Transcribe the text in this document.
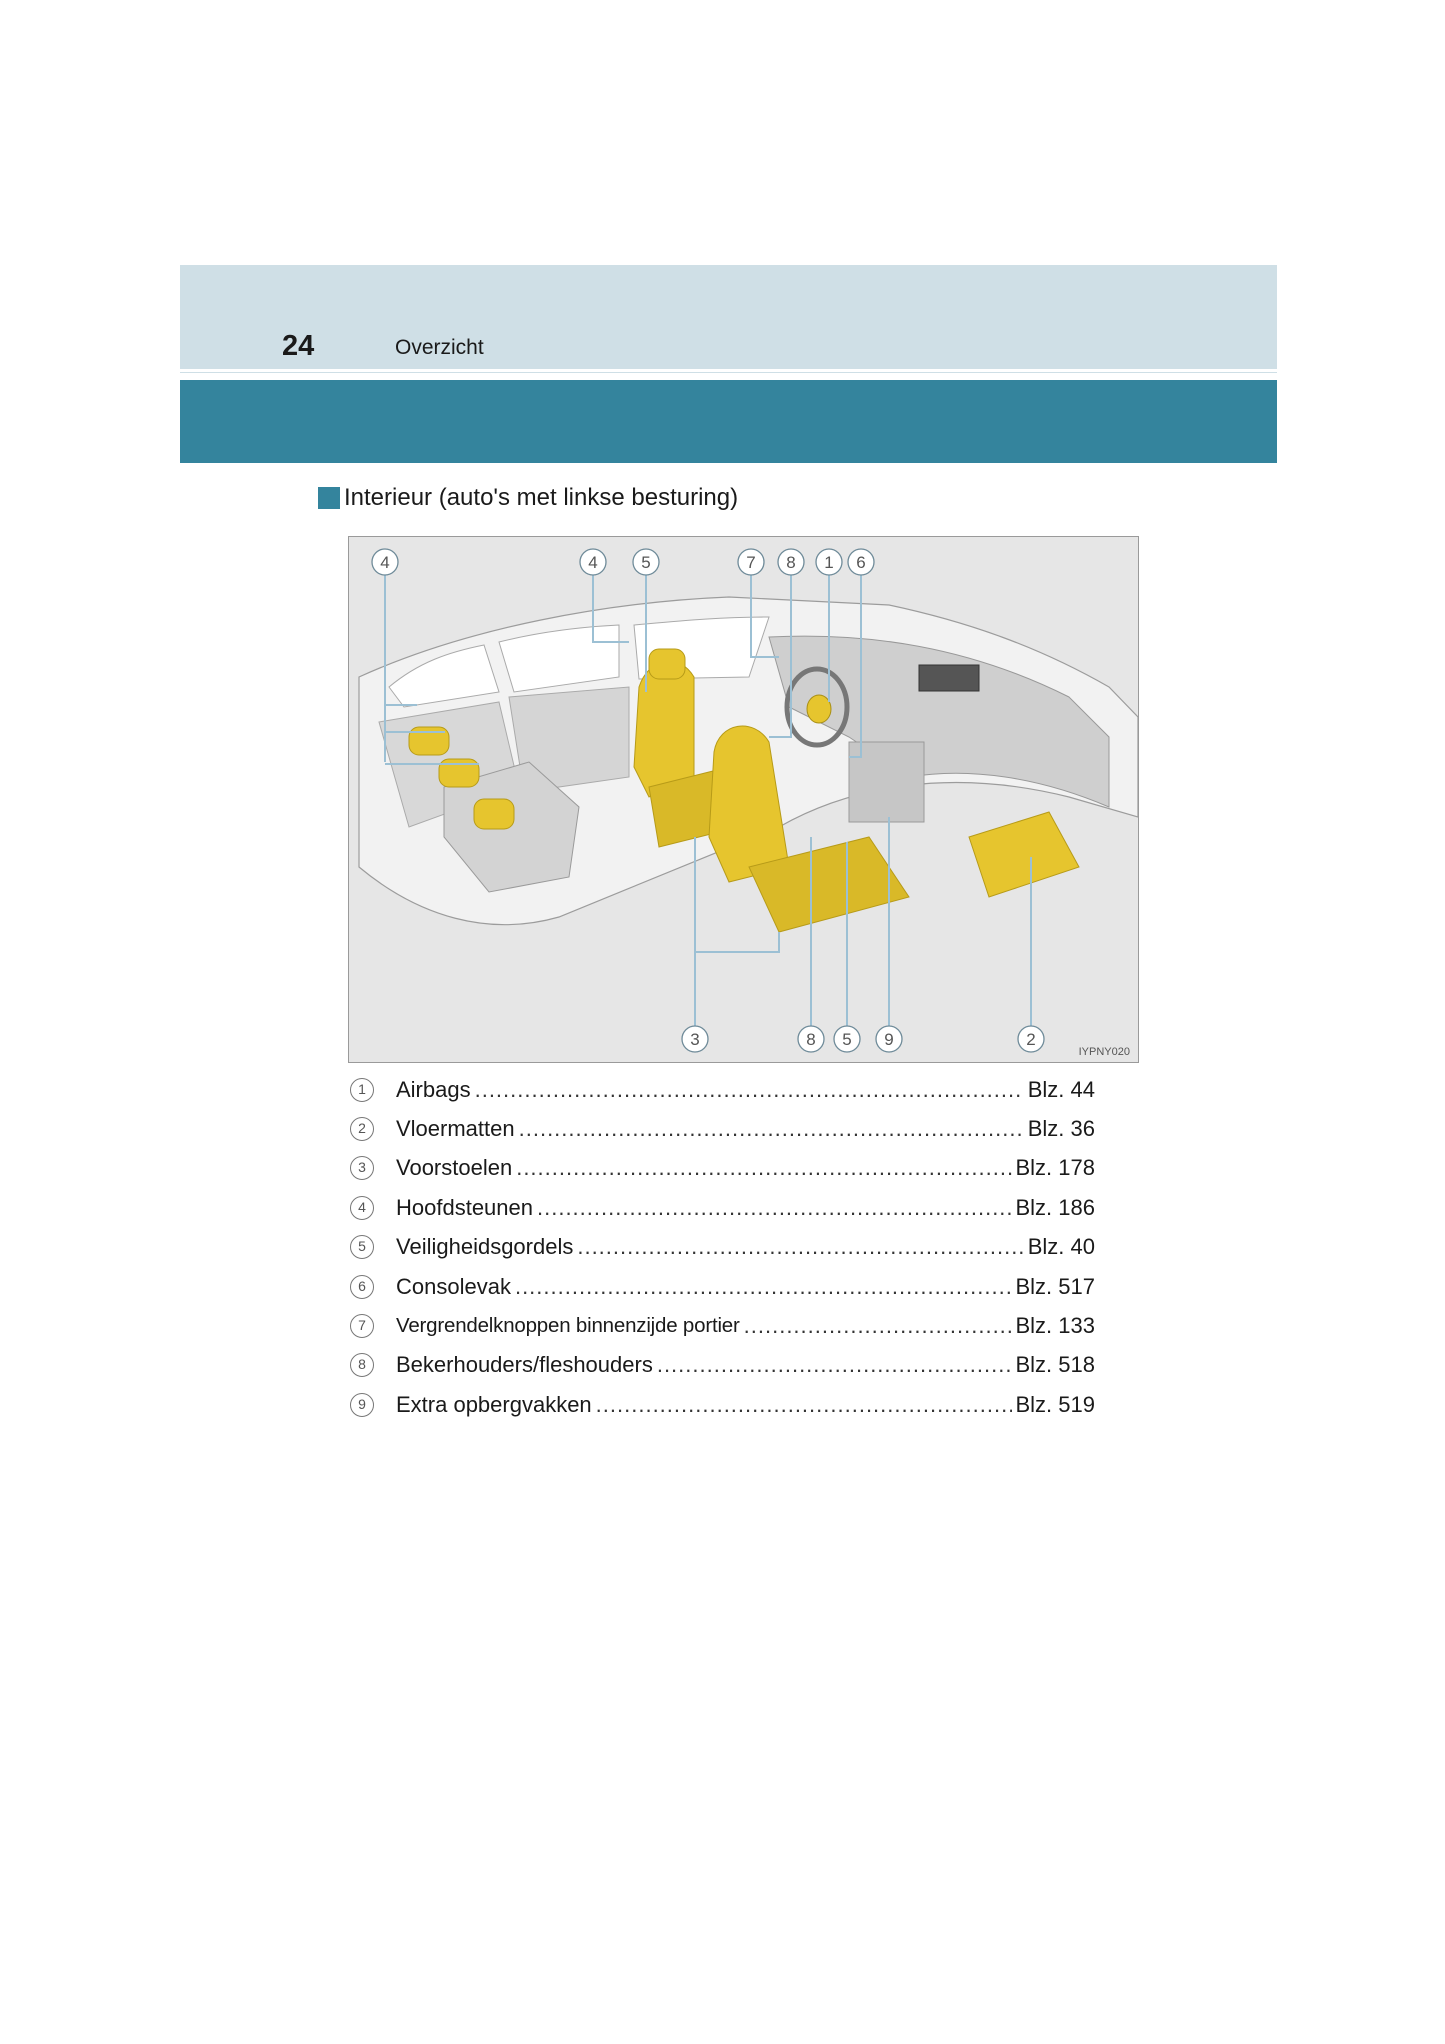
24	Overzicht
Interieur (auto's met linkse besturing)
4	4	5	7 8 1 6
3	8 5 9	2
IYPNY020
1	Airbags .....	Blz. 44
2	Vloermatten .....	Blz. 36
3	Voorstoelen .....	Blz. 178
4	Hoofdsteunen .....	Blz. 186
5	Veiligheidsgordels .....	Blz. 40
6	Consolevak .....	Blz. 517
7	Vergrendelknoppen binnenzijde portier .....	Blz. 133
8	Bekerhouders/fleshouders .....	Blz. 518
9	Extra opbergvakken .....	Blz. 519
